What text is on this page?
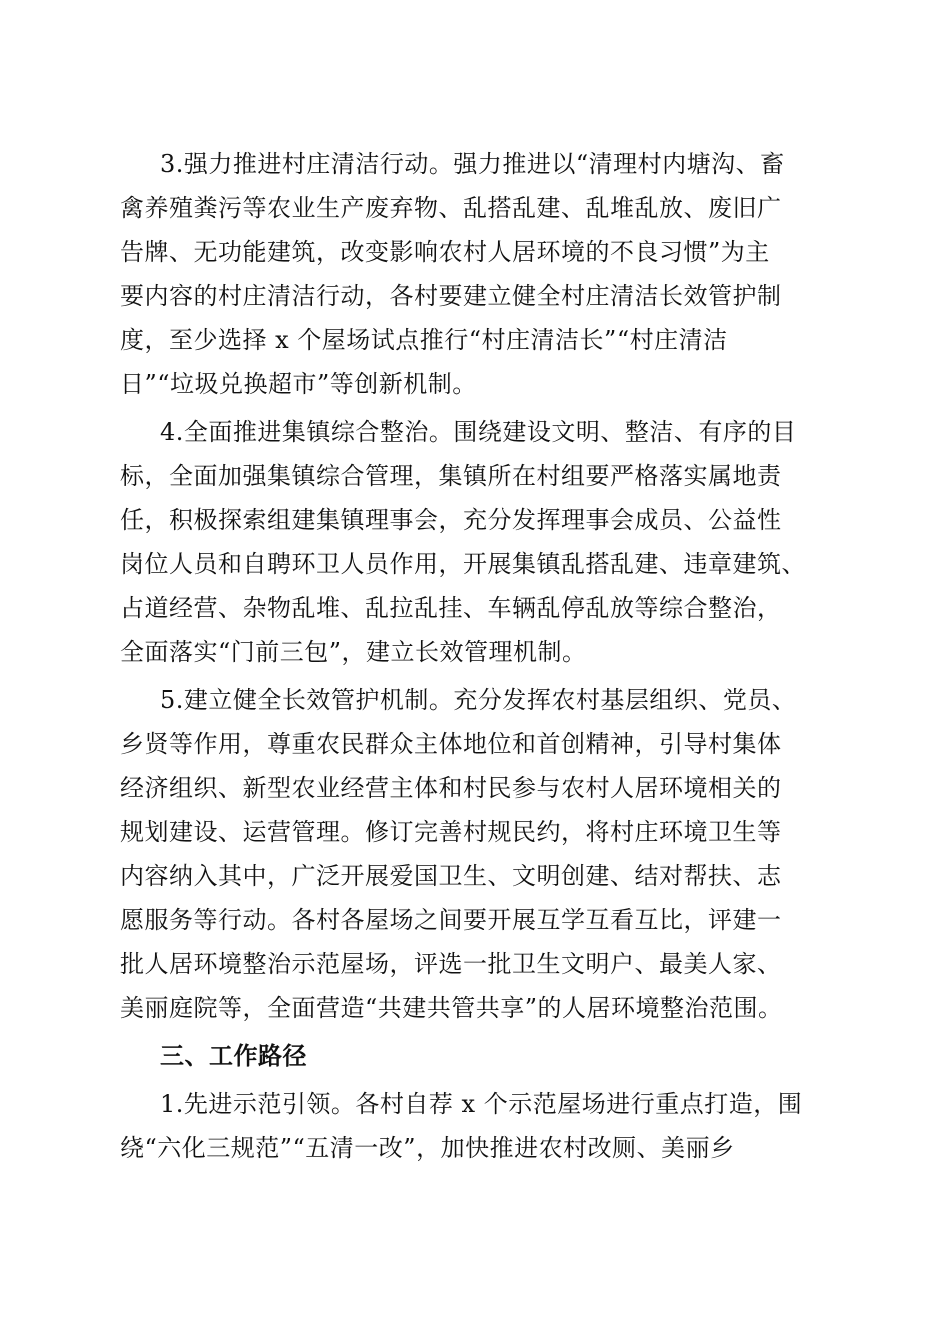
3.强力推进村庄清洁行动。强力推进以“清理村内塘沟、畜
禽养殖粪污等农业生产废弃物、乱搭乱建、乱堆乱放、废旧广
告牌、无功能建筑，改变影响农村人居环境的不良习惯”为主
要内容的村庄清洁行动，各村要建立健全村庄清洁长效管护制
度，至少选择 x 个屋场试点推行“村庄清洁长”“村庄清洁
日”“垃圾兑换超市”等创新机制。
4.全面推进集镇综合整治。围绕建设文明、整洁、有序的目
标，全面加强集镇综合管理，集镇所在村组要严格落实属地责
任，积极探索组建集镇理事会，充分发挥理事会成员、公益性
岗位人员和自聘环卫人员作用，开展集镇乱搭乱建、违章建筑、
占道经营、杂物乱堆、乱拉乱挂、车辆乱停乱放等综合整治，
全面落实“门前三包”，建立长效管理机制。
5.建立健全长效管护机制。充分发挥农村基层组织、党员、
乡贤等作用，尊重农民群众主体地位和首创精神，引导村集体
经济组织、新型农业经营主体和村民参与农村人居环境相关的
规划建设、运营管理。修订完善村规民约，将村庄环境卫生等
内容纳入其中，广泛开展爱国卫生、文明创建、结对帮扶、志
愿服务等行动。各村各屋场之间要开展互学互看互比，评建一
批人居环境整治示范屋场，评选一批卫生文明户、最美人家、
美丽庭院等，全面营造“共建共管共享”的人居环境整治范围。
三、工作路径
1.先进示范引领。各村自荐 x 个示范屋场进行重点打造，围
绕“六化三规范”“五清一改”，加快推进农村改厕、美丽乡
